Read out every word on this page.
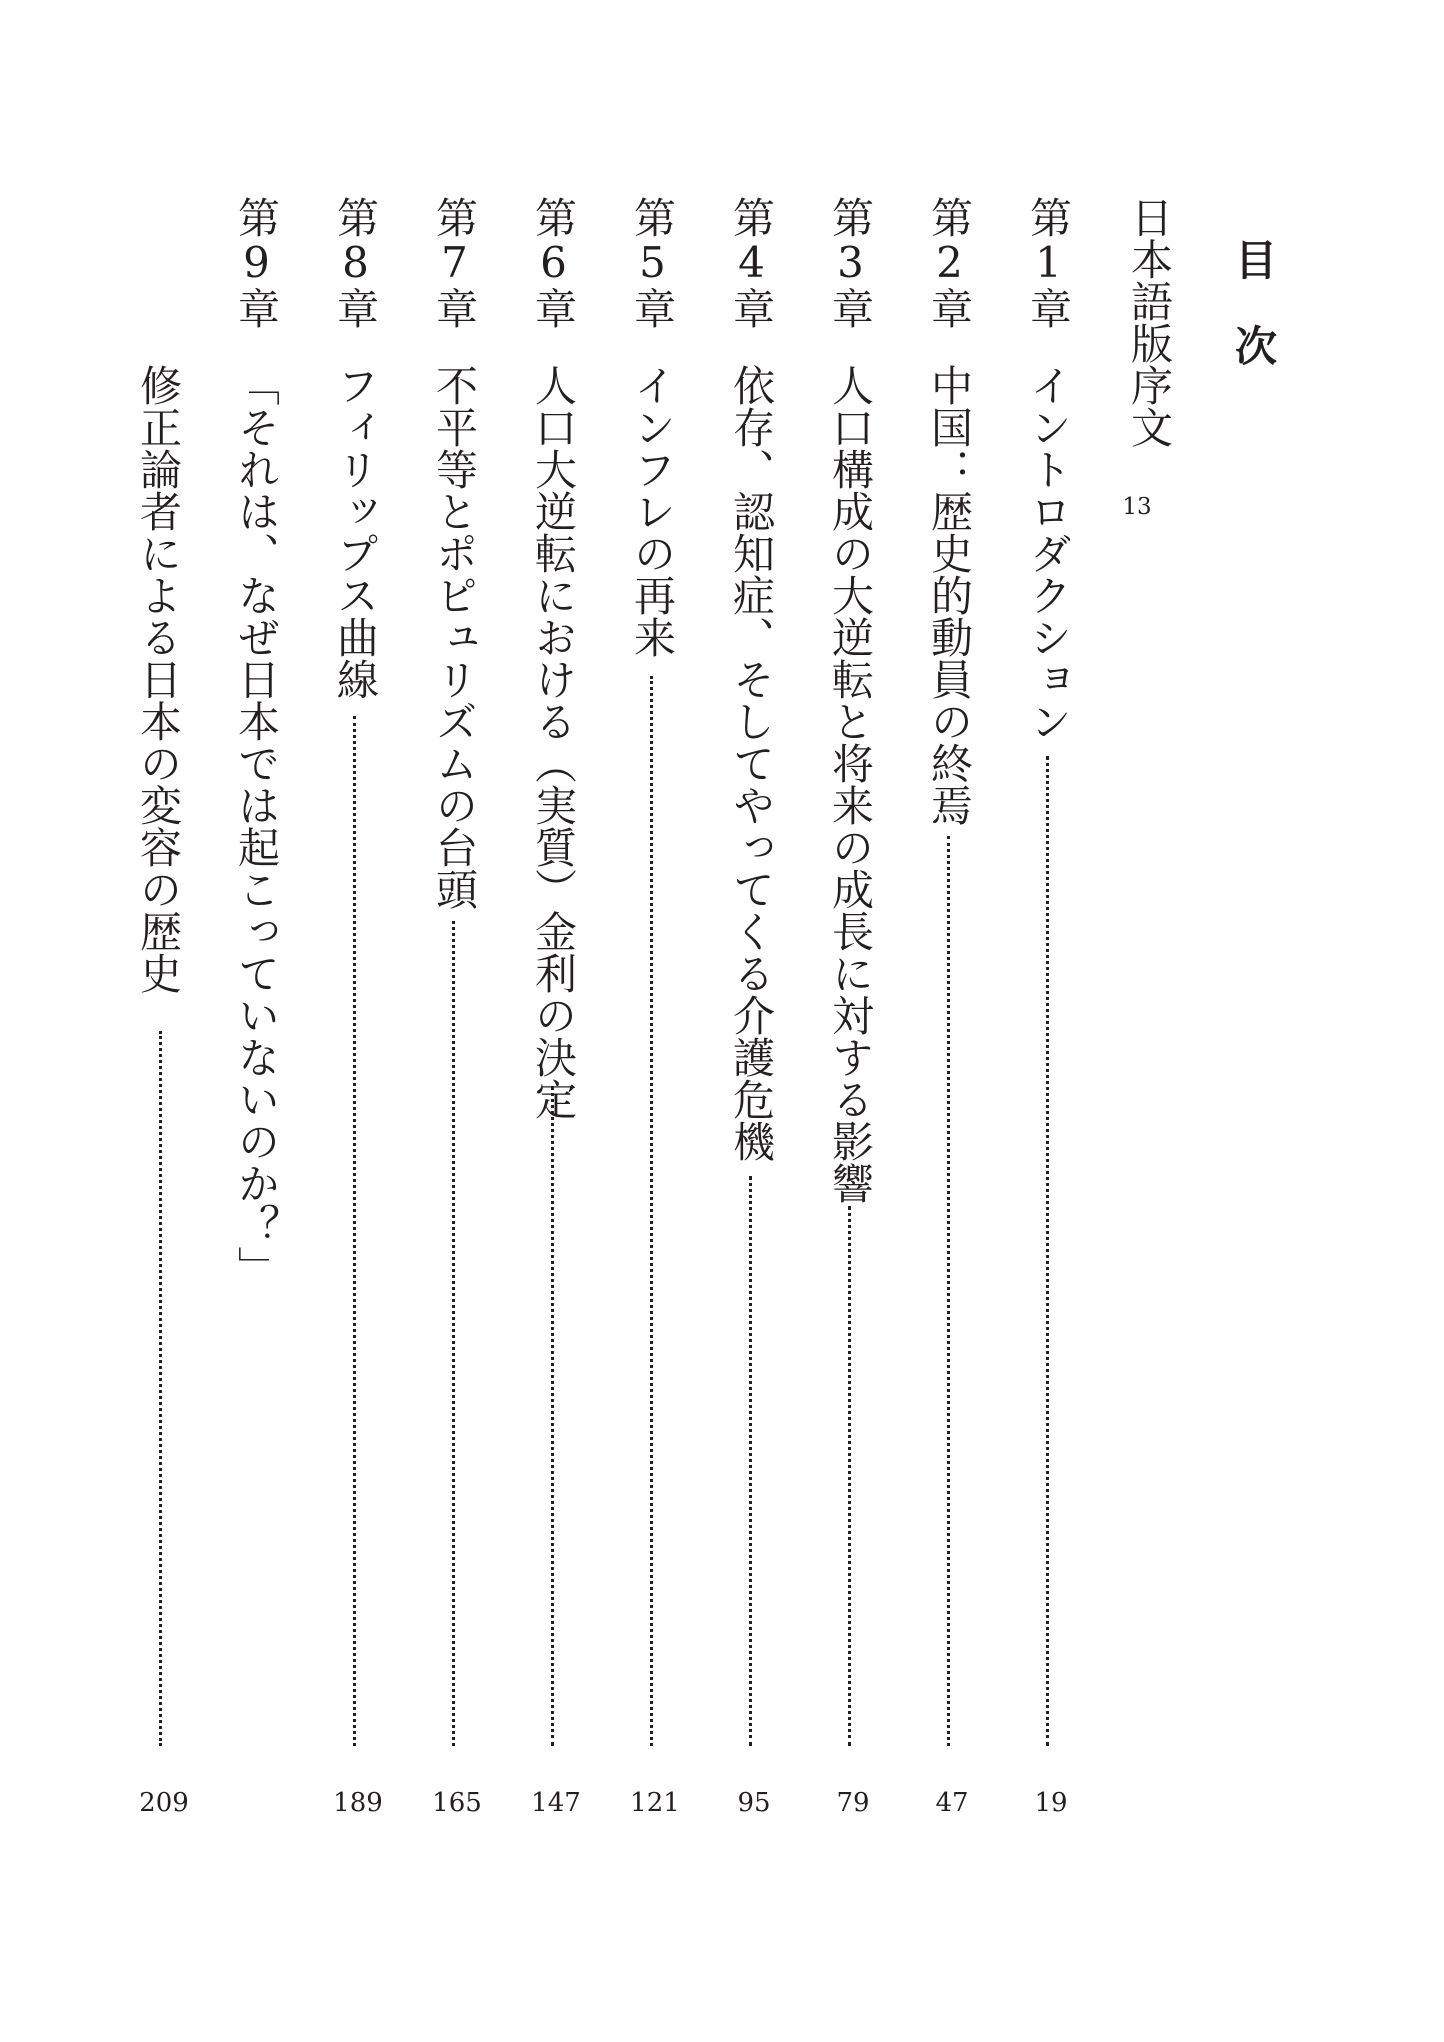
目次
日本語版序文
13
第1章
イントロダクション
19
第2章
中国：歴史的動員の終焉
47
第3章
人口構成の大逆転と将来の成長に対する影響
79
第4章
依存、認知症、そしてやってくる介護危機
95
第5章
インフレの再来
121
第6章
人口大逆転における（実質）金利の決定
147
第7章
不平等とポピュリズムの台頭
165
第8章
フィリップス曲線
189
第9章
「それは、なぜ日本では起こっていないのか？」
修正論者による日本の変容の歴史
209
